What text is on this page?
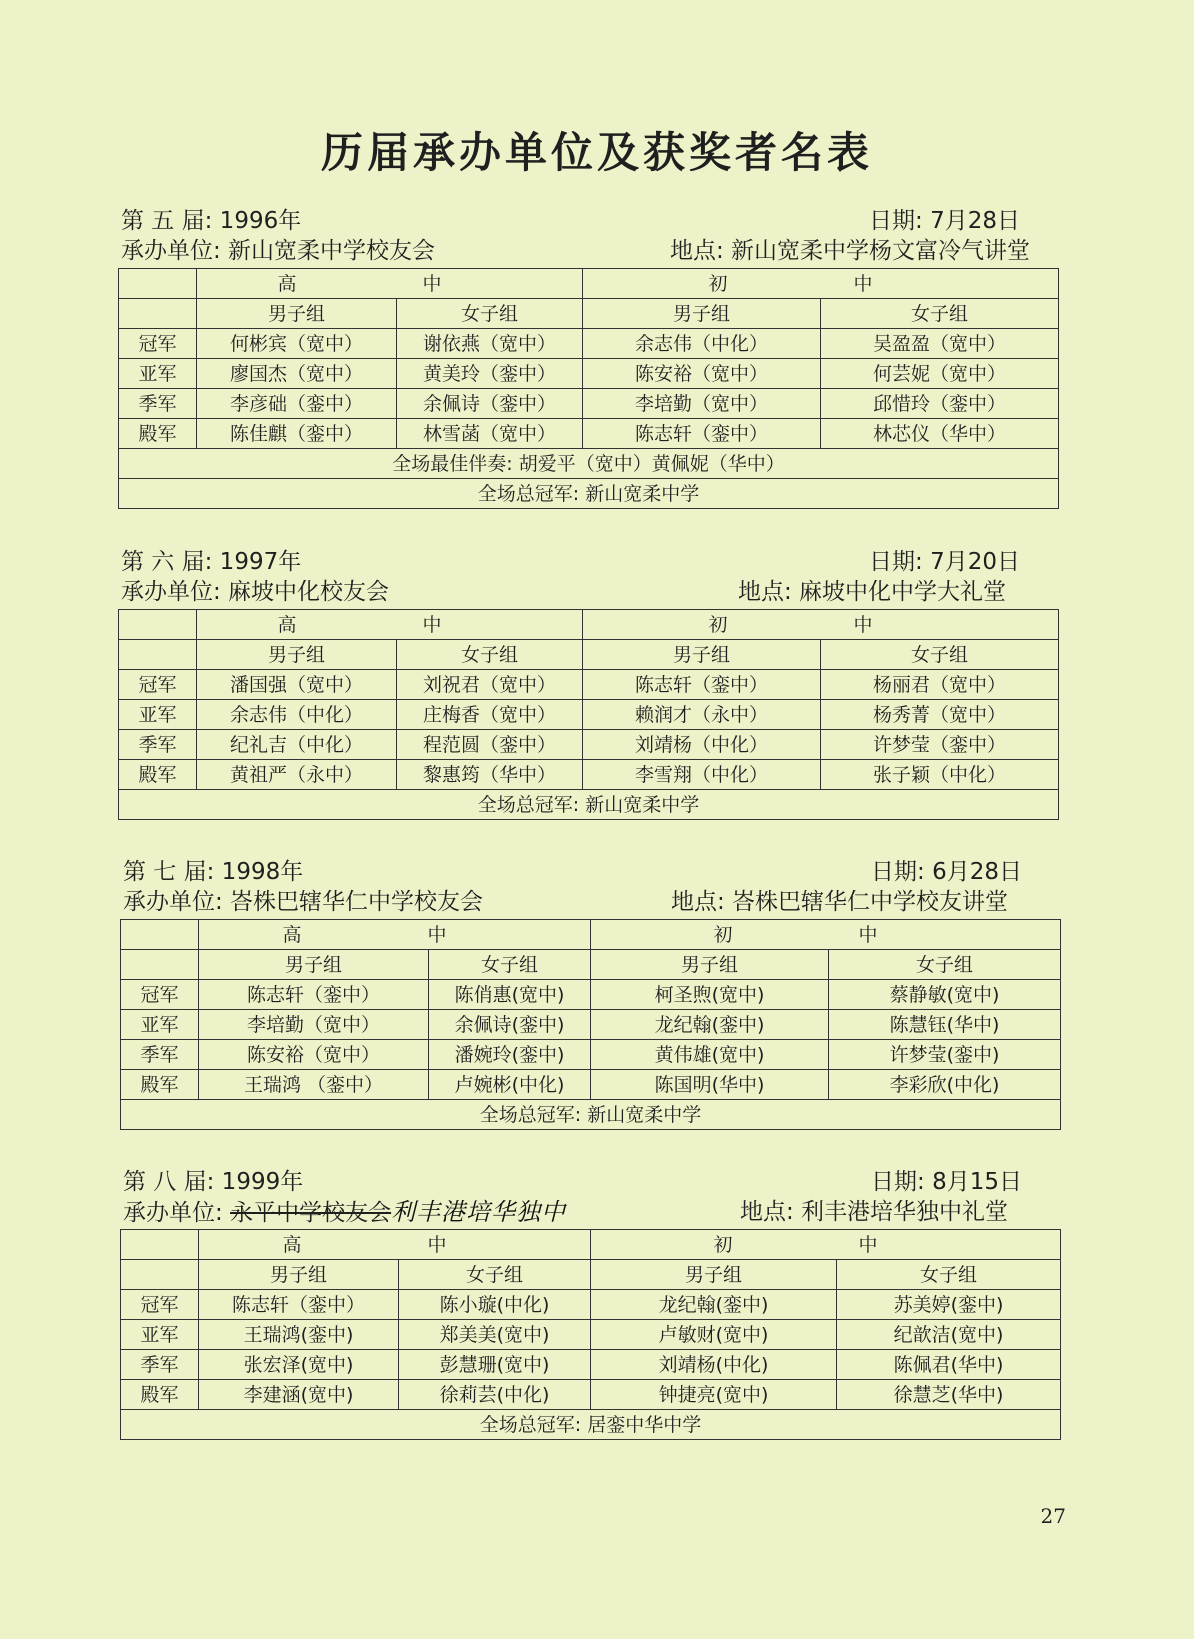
历届承办单位及获奖者名表
第 五 届: 1996年	日期: 7月28日
承办单位: 新山宽柔中学校友会	地点: 新山宽柔中学杨文富冷气讲堂
	高 中		初 中	
	男子组	女子组	男子组	女子组
冠军	何彬宾（宽中）	谢依燕（宽中）	余志伟（中化）	吴盈盈（宽中）
亚军	廖国杰（宽中）	黄美玲（銮中）	陈安裕（宽中）	何芸妮（宽中）
季军	李彦础（銮中）	余佩诗（銮中）	李培勤（宽中）	邱惜玲（銮中）
殿军	陈佳麒（銮中）	林雪菡（宽中）	陈志轩（銮中）	林芯仪（华中）
全场最佳伴奏: 胡爱平（宽中）黄佩妮（华中）				
全场总冠军: 新山宽柔中学				
第 六 届: 1997年	日期: 7月20日
承办单位: 麻坡中化校友会	地点: 麻坡中化中学大礼堂
	高 中		初 中	
	男子组	女子组	男子组	女子组
冠军	潘国强（宽中）	刘祝君（宽中）	陈志轩（銮中）	杨丽君（宽中）
亚军	余志伟（中化）	庄梅香（宽中）	赖润才（永中）	杨秀菁（宽中）
季军	纪礼吉（中化）	程范圆（銮中）	刘靖杨（中化）	许梦莹（銮中）
殿军	黄祖严（永中）	黎惠筠（华中）	李雪翔（中化）	张子颖（中化）
全场总冠军: 新山宽柔中学				
第 七 届: 1998年	日期: 6月28日
承办单位: 峇株巴辖华仁中学校友会	地点: 峇株巴辖华仁中学校友讲堂
	高 中		初 中	
	男子组	女子组	男子组	女子组
冠军	陈志轩（銮中）	陈俏惠(宽中)	柯圣煦(宽中)	蔡静敏(宽中)
亚军	李培勤（宽中）	余佩诗(銮中)	龙纪翰(銮中)	陈慧钰(华中)
季军	陈安裕（宽中）	潘婉玲(銮中)	黄伟雄(宽中)	许梦莹(銮中)
殿军	王瑞鸿 （銮中）	卢婉彬(中化)	陈国明(华中)	李彩欣(中化)
全场总冠军: 新山宽柔中学				
第 八 届: 1999年	日期: 8月15日
承办单位: 永平中学校友会利丰港培华独中	地点: 利丰港培华独中礼堂
	高 中		初 中	
	男子组	女子组	男子组	女子组
冠军	陈志轩（銮中）	陈小璇(中化)	龙纪翰(銮中)	苏美婷(銮中)
亚军	王瑞鸿(銮中)	郑美美(宽中)	卢敏财(宽中)	纪歆洁(宽中)
季军	张宏泽(宽中)	彭慧珊(宽中)	刘靖杨(中化)	陈佩君(华中)
殿军	李建涵(宽中)	徐莉芸(中化)	钟捷亮(宽中)	徐慧芝(华中)
全场总冠军: 居銮中华中学				
27
